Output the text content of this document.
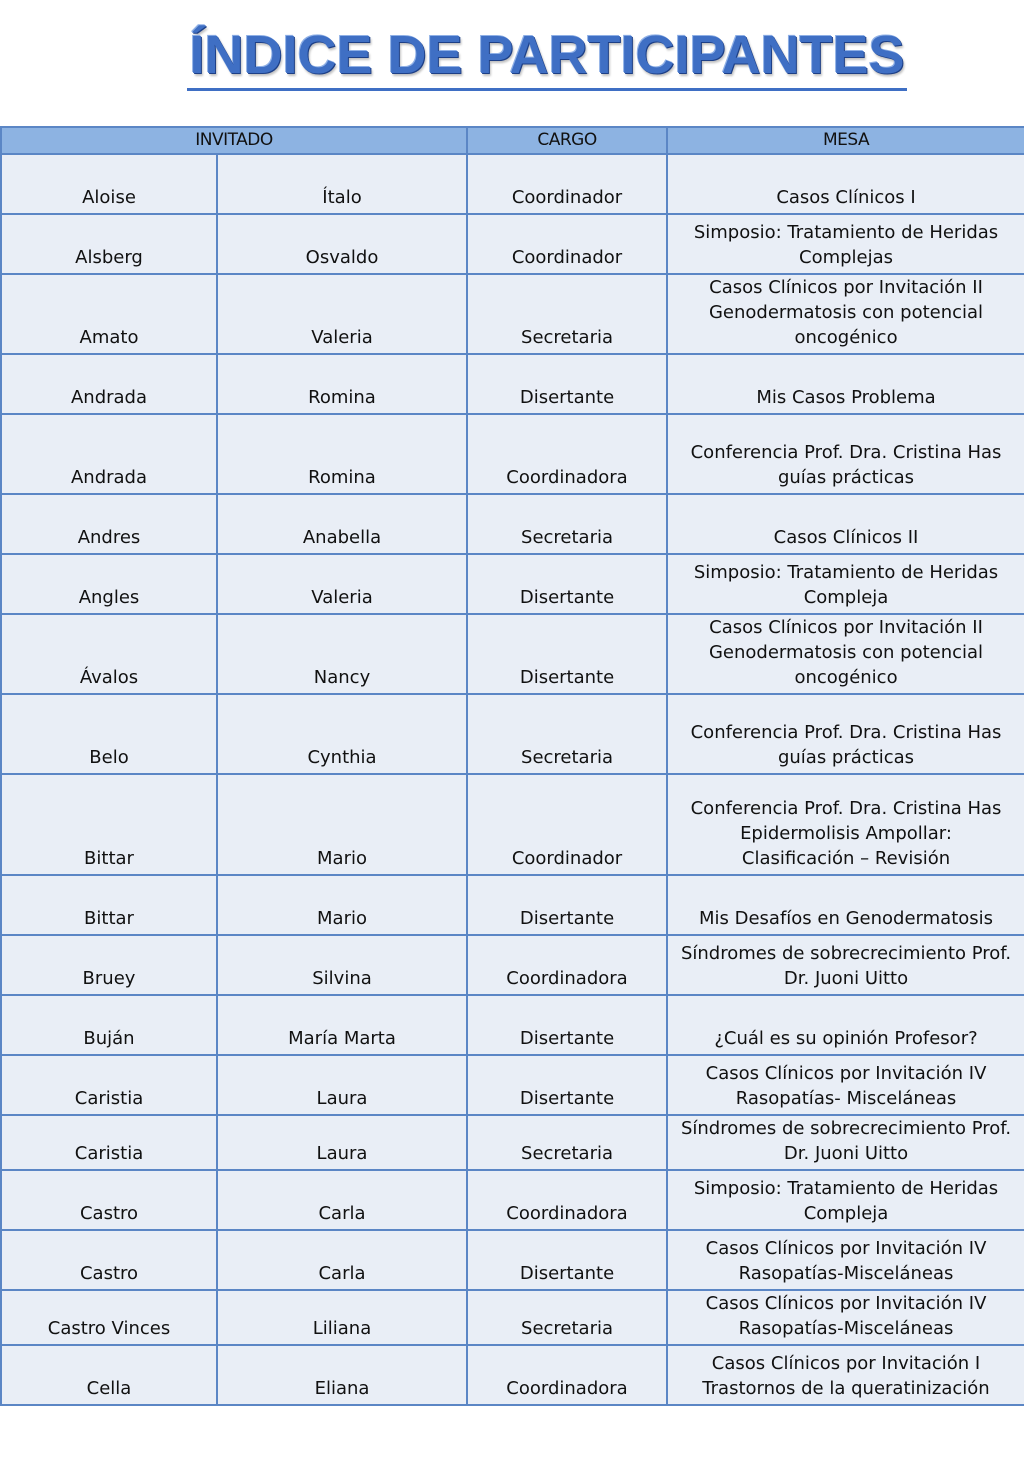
ÍNDICE DE PARTICIPANTES
INVITADO		CARGO	MESA
Aloise	Ítalo	Coordinador	Casos Clínicos I

Alsberg	Osvaldo	Coordinador	Simposio: Tratamiento de Heridas
Complejas

Amato	Valeria	Secretaria	Casos Clínicos por Invitación II
Genodermatosis con potencial
oncogénico

Andrada	Romina	Disertante	Mis Casos Problema

Andrada	Romina	Coordinadora	Conferencia Prof. Dra. Cristina Has
guías prácticas

Andres	Anabella	Secretaria	Casos Clínicos II

Angles	Valeria	Disertante	Simposio: Tratamiento de Heridas
Compleja

Ávalos	Nancy	Disertante	Casos Clínicos por Invitación II
Genodermatosis con potencial
oncogénico

Belo	Cynthia	Secretaria	Conferencia Prof. Dra. Cristina Has
guías prácticas

Bittar	Mario	Coordinador	Conferencia Prof. Dra. Cristina Has
Epidermolisis Ampollar:
Clasificación – Revisión

Bittar	Mario	Disertante	Mis Desafíos en Genodermatosis

Bruey	Silvina	Coordinadora	Síndromes de sobrecrecimiento Prof.
Dr. Juoni Uitto

Buján	María Marta	Disertante	¿Cuál es su opinión Profesor?

Caristia	Laura	Disertante	Casos Clínicos por Invitación IV
Rasopatías- Misceláneas

Caristia	Laura	Secretaria	Síndromes de sobrecrecimiento Prof.
Dr. Juoni Uitto

Castro	Carla	Coordinadora	Simposio: Tratamiento de Heridas
Compleja

Castro	Carla	Disertante	Casos Clínicos por Invitación IV
Rasopatías-Misceláneas

Castro Vinces	Liliana	Secretaria	Casos Clínicos por Invitación IV
Rasopatías-Misceláneas

Cella	Eliana	Coordinadora	Casos Clínicos por Invitación I
Trastornos de la queratinización
